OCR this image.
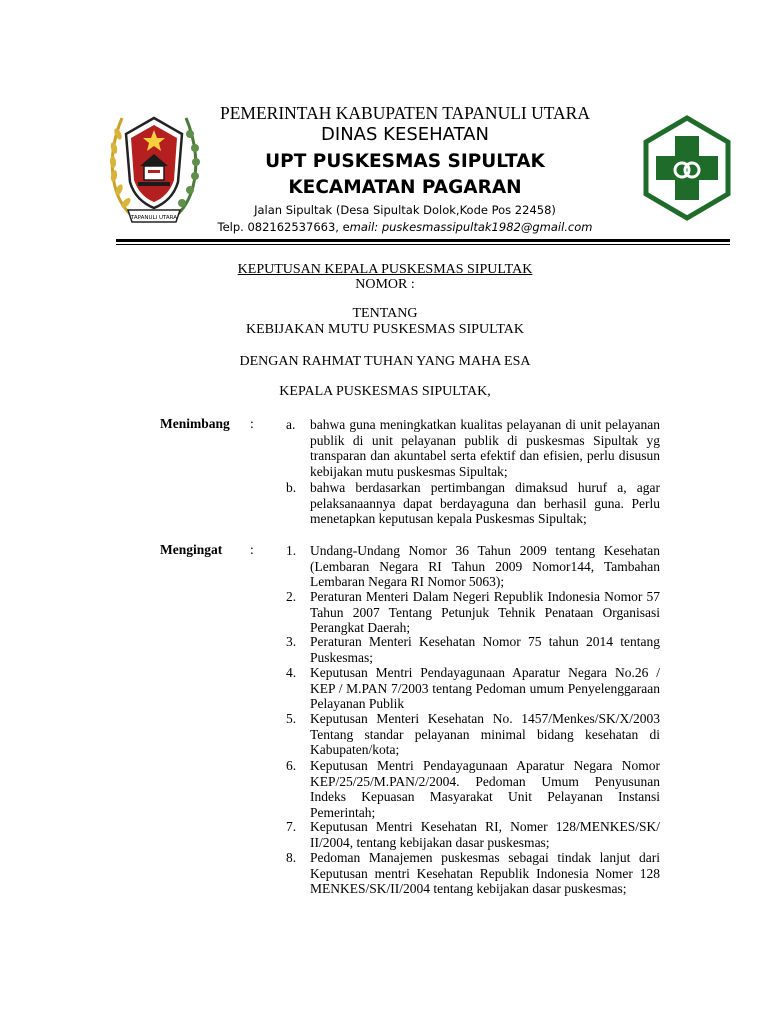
TAPANULI UTARA
PEMERINTAH KABUPATEN TAPANULI UTARA
DINAS KESEHATAN
UPT PUSKESMAS SIPULTAK
KECAMATAN PAGARAN
Jalan Sipultak (Desa Sipultak Dolok,Kode Pos 22458)
Telp. 082162537663, email: puskesmassipultak1982@gmail.com
KEPUTUSAN KEPALA PUSKESMAS SIPULTAK
NOMOR :
TENTANG
KEBIJAKAN MUTU PUSKESMAS SIPULTAK
DENGAN RAHMAT TUHAN YANG MAHA ESA
KEPALA PUSKESMAS SIPULTAK,
Menimbang : a. bahwa guna meningkatkan kualitas pelayanan di unit pelayanan publik di unit pelayanan publik di puskesmas Sipultak yg transparan dan akuntabel serta efektif dan efisien, perlu disusun kebijakan mutu puskesmas Sipultak;
b. bahwa berdasarkan pertimbangan dimaksud huruf a, agar pelaksanaannya dapat berdayaguna dan berhasil guna. Perlu menetapkan keputusan kepala Puskesmas Sipultak;
Mengingat : 1. Undang-Undang Nomor 36 Tahun 2009 tentang Kesehatan (Lembaran Negara RI Tahun 2009 Nomor144, Tambahan Lembaran Negara RI Nomor 5063);
2. Peraturan Menteri Dalam Negeri Republik Indonesia Nomor 57 Tahun 2007 Tentang Petunjuk Tehnik Penataan Organisasi Perangkat Daerah;
3. Peraturan Menteri Kesehatan Nomor 75 tahun 2014 tentang Puskesmas;
4. Keputusan Mentri Pendayagunaan Aparatur Negara No.26 / KEP / M.PAN 7/2003 tentang Pedoman umum Penyelenggaraan Pelayanan Publik
5. Keputusan Menteri Kesehatan No. 1457/Menkes/SK/X/2003 Tentang standar pelayanan minimal bidang kesehatan di Kabupaten/kota;
6. Keputusan Mentri Pendayagunaan Aparatur Negara Nomor KEP/25/25/M.PAN/2/2004. Pedoman Umum Penyusunan Indeks Kepuasan Masyarakat Unit Pelayanan Instansi Pemerintah;
7. Keputusan Mentri Kesehatan RI, Nomer 128/MENKES/SK/ II/2004, tentang kebijakan dasar puskesmas;
8. Pedoman Manajemen puskesmas sebagai tindak lanjut dari Keputusan mentri Kesehatan Republik Indonesia Nomer 128 MENKES/SK/II/2004 tentang kebijakan dasar puskesmas;
